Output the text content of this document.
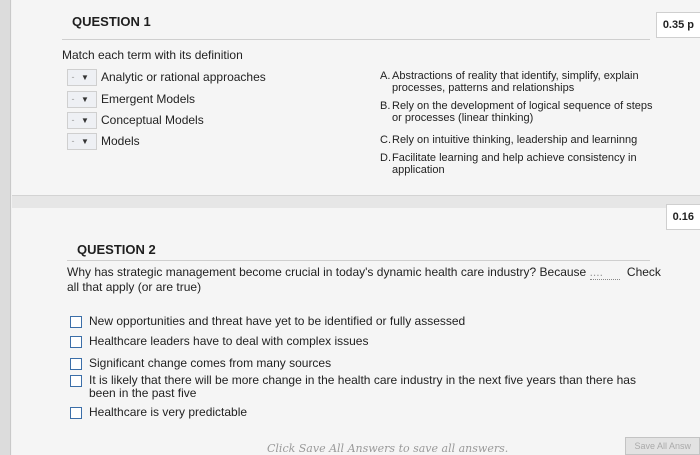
QUESTION 1	0.35 p
Match each term with its definition
- ▼ Analytic or rational approaches
- ▼ Emergent Models
- ▼ Conceptual Models
- ▼ Models
A. Abstractions of reality that identify, simplify, explain processes, patterns and relationships
B. Rely on the development of logical sequence of steps or processes (linear thinking)
C. Rely on intuitive thinking, leadership and learninng
D. Facilitate learning and help achieve consistency in application
0.16
QUESTION 2
Why has strategic management become crucial in today's dynamic health care industry? Because .... Check all that apply (or are true)
New opportunities and threat have yet to be identified or fully assessed
Healthcare leaders have to deal with complex issues
Significant change comes from many sources
It is likely that there will be more change in the health care industry in the next five years than there has been in the past five
Healthcare is very predictable
Click Save All Answers to save all answers.	Save All Answ
